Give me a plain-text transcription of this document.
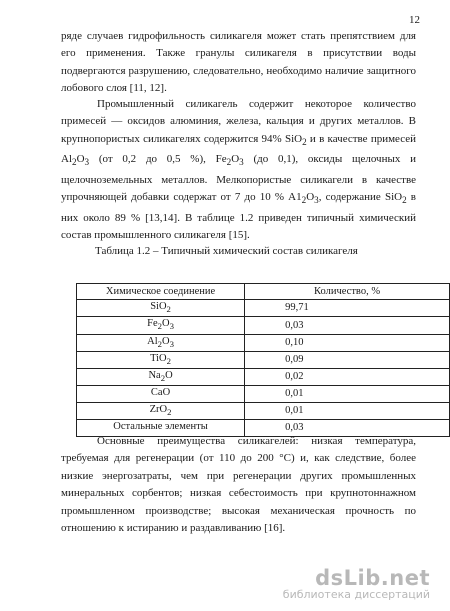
12
ряде случаев гидрофильность силикагеля может стать препятствием для его применения. Также гранулы силикагеля в присутствии воды подвергаются разрушению, следовательно, необходимо наличие защитного лобового слоя [11, 12].
Промышленный силикагель содержит некоторое количество примесей — оксидов алюминия, железа, кальция и других металлов. В крупнопористых силикагелях содержится 94% SiO$_2$ и в качестве примесей $Al_2O_3$ (от 0,2 до 0,5 %), $Fe_2O_3$ (до 0,1), оксиды щелочных и щелочноземельных металлов. Мелкопористые силикагели в качестве упрочняющей добавки содержат от 7 до 10 % $A1_2O_3$, содержание SiO$_2$ в них около 89 % [13,14]. В таблице 1.2 приведен типичный химический состав промышленного силикагеля [15].
Таблица 1.2 – Типичный химический состав силикагеля
Химическое соединение	Количество, %
SiO$_2$	99,71
$Fe_2O_3$	0,03
$Al_2O_3$	0,10
TiO$_2$	0,09
$Na_2O$	0,02
CaO	0,01
ZrO$_2$	0,01
Остальные элементы	0,03
Основные преимущества силикагелей: низкая температура, требуемая для регенерации (от 110 до 200 °C) и, как следствие, более низкие энергозатраты, чем при регенерации других промышленных минеральных сорбентов; низкая себестоимость при крупнотоннажном промышленном производстве; высокая механическая прочность по отношению к истиранию и раздавливанию [16].
dsLib.net
библиотека диссертаций
